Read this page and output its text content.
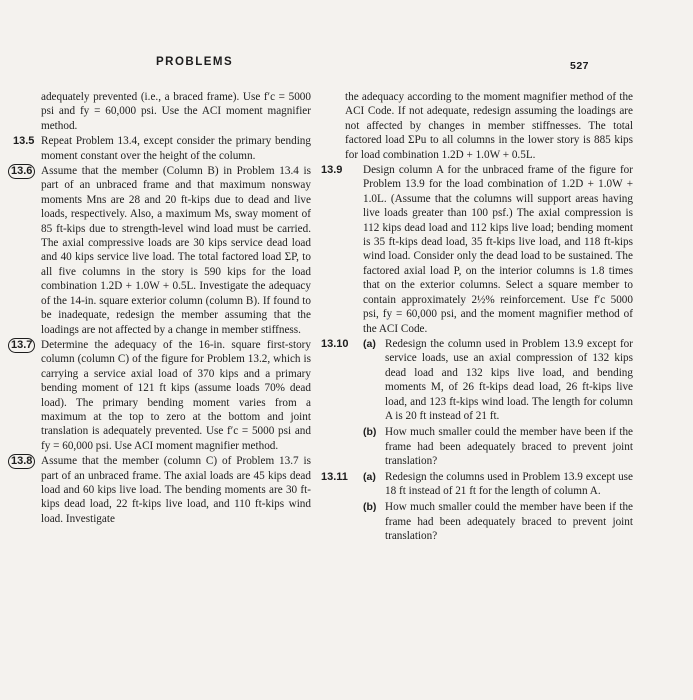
PROBLEMS	527

adequately prevented (i.e., a braced frame). Use f′c = 5000 psi and fy = 60,000 psi. Use the ACI moment magnifier method.

13.5 Repeat Problem 13.4, except consider the primary bending moment constant over the height of the column.

13.6 Assume that the member (Column B) in Problem 13.4 is part of an unbraced frame and that maximum nonsway moments Mns are 28 and 20 ft-kips due to dead and live loads, respectively. Also, a maximum Ms, sway moment of 85 ft-kips due to strength-level wind load must be carried. The axial compressive loads are 30 kips service dead load and 40 kips service live load. The total factored load ΣP, to all five columns in the story is 590 kips for the load combination 1.2D + 1.0W + 0.5L. Investigate the adequacy of the 14-in. square exterior column (column B). If found to be inadequate, redesign the member assuming that the loadings are not affected by a change in member stiffness.

13.7 Determine the adequacy of the 16-in. square first-story column (column C) of the figure for Problem 13.2, which is carrying a service axial load of 370 kips and a primary bending moment of 121 ft kips (assume loads 70% dead load). The primary bending moment varies from a maximum at the top to zero at the bottom and joint translation is adequately prevented. Use f′c = 5000 psi and fy = 60,000 psi. Use ACI moment magnifier method.

13.8 Assume that the member (column C) of Problem 13.7 is part of an unbraced frame. The axial loads are 45 kips dead load and 60 kips live load. The bending moments are 30 ft-kips dead load, 22 ft-kips live load, and 110 ft-kips wind load. Investigate

the adequacy according to the moment magnifier method of the ACI Code. If not adequate, redesign assuming the loadings are not affected by changes in member stiffnesses. The total factored load ΣPu to all columns in the lower story is 885 kips for load combination 1.2D + 1.0W + 0.5L.

13.9 Design column A for the unbraced frame of the figure for Problem 13.9 for the load combination of 1.2D + 1.0W + 1.0L. (Assume that the columns will support areas having live loads greater than 100 psf.) The axial compression is 112 kips dead load and 112 kips live load; bending moment is 35 ft-kips dead load, 35 ft-kips live load, and 118 ft-kips wind load. Consider only the dead load to be sustained. The factored axial load P, on the interior columns is 1.8 times that on the exterior columns. Select a square member to contain approximately 2½% reinforcement. Use f′c 5000 psi, fy = 60,000 psi, and the moment magnifier method of the ACI Code.

13.10 (a) Redesign the column used in Problem 13.9 except for service loads, use an axial compression of 132 kips dead load and 132 kips live load, and bending moments M, of 26 ft-kips dead load, 26 ft-kips live load, and 123 ft-kips wind load. The length for column A is 20 ft instead of 21 ft.

(b) How much smaller could the member have been if the frame had been adequately braced to prevent joint translation?

13.11 (a) Redesign the columns used in Problem 13.9 except use 18 ft instead of 21 ft for the length of column A.

(b) How much smaller could the member have been if the frame had been adequately braced to prevent joint translation?
